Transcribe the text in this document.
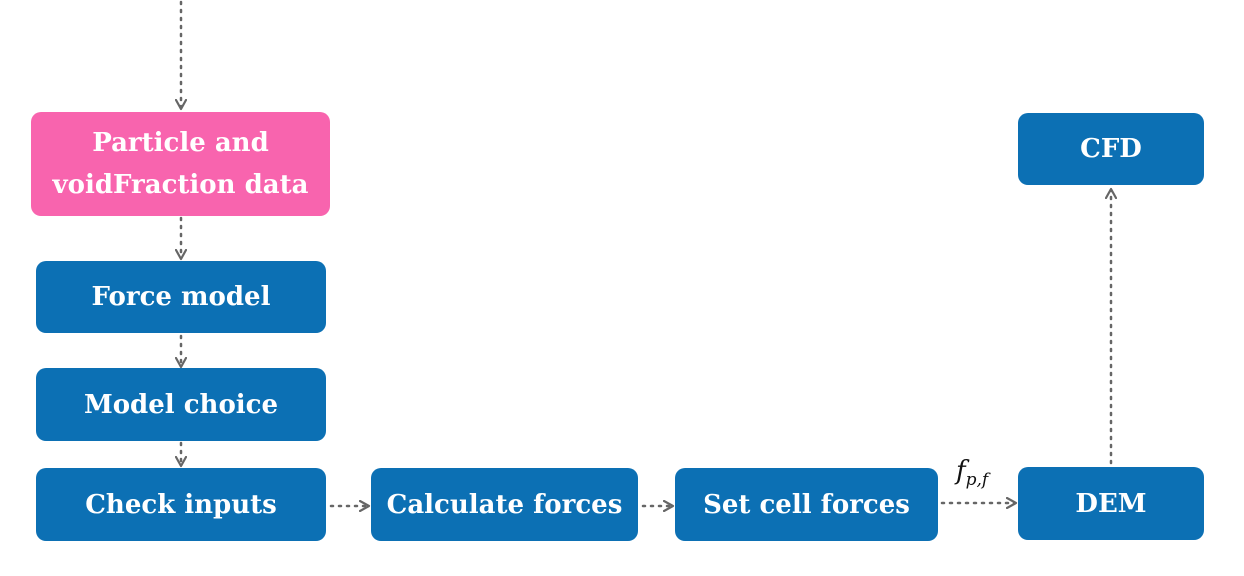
Particle and
voidFraction data
Force model
Model choice
Check inputs	Calculate forces	Set cell forces	DEM
CFD
$f_{p,f}$
